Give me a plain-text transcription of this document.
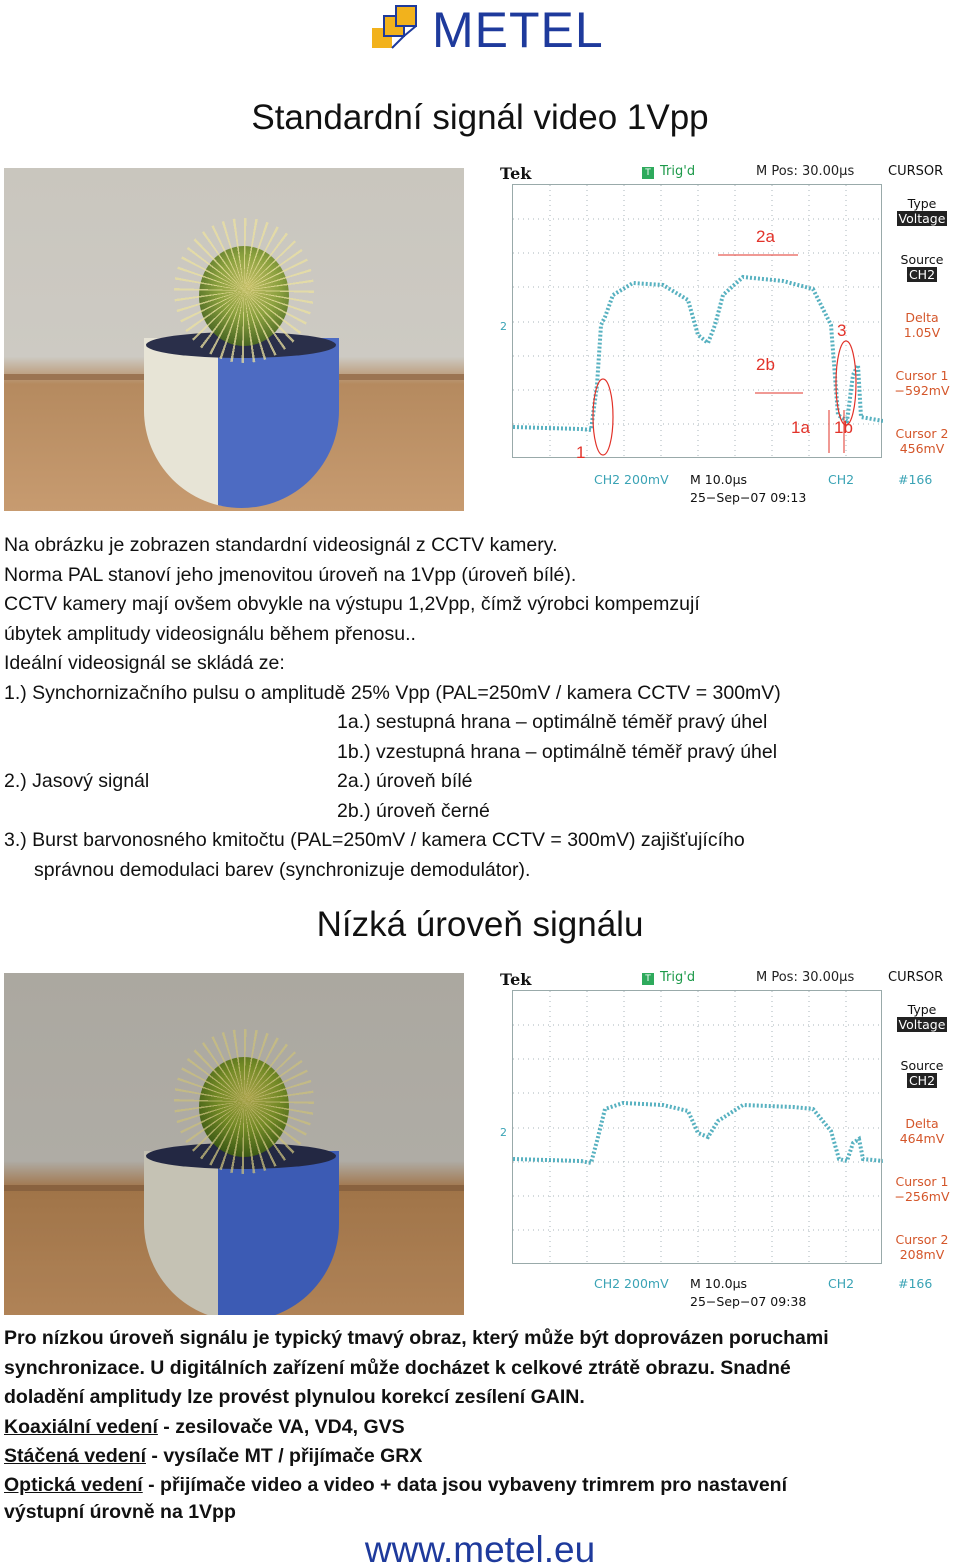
METEL
Standardní signál video 1Vpp
Tek	T Trig'd	M Pos: 30.00µs	CURSOR
2a
3
2b
1a 1b
1
2
Type
Voltage
Source
CH2
Delta
1.05V
Cursor 1
−592mV
Cursor 2
456mV
CH2 200mV M 10.0µs	CH2	#166
25−Sep−07 09:13
Na obrázku je zobrazen standardní videosignál z CCTV kamery.
Norma PAL stanoví jeho jmenovitou úroveň na 1Vpp (úroveň bílé).
CCTV kamery mají ovšem obvykle na výstupu 1,2Vpp, čímž výrobci kompemzují
úbytek amplitudy videosignálu během přenosu..
Ideální videosignál se skládá ze:
1.) Synchornizačního pulsu o amplitudě 25% Vpp (PAL=250mV / kamera CCTV = 300mV)
1a.) sestupná hrana – optimálně téměř pravý úhel
1b.) vzestupná hrana – optimálně téměř pravý úhel
2.) Jasový signál	2a.) úroveň bílé
2b.) úroveň černé
3.) Burst barvonosného kmitočtu (PAL=250mV / kamera CCTV = 300mV) zajišťujícího
správnou demodulaci barev (synchronizuje demodulátor).
Nízká úroveň signálu
Tek	T Trig'd	M Pos: 30.00µs	CURSOR
2
Type
Voltage
Source
CH2
Delta
464mV
Cursor 1
−256mV
Cursor 2
208mV
CH2 200mV M 10.0µs	CH2	#166
25−Sep−07 09:38
Pro nízkou úroveň signálu je typický tmavý obraz, který může být doprovázen poruchami
synchronizace. U digitálních zařízení může docházet k celkové ztrátě obrazu. Snadné
doladění amplitudy lze provést plynulou korekcí zesílení GAIN.
Koaxiální vedení - zesilovače VA, VD4, GVS
Stáčená vedení - vysílače MT / přijímače GRX
Optická vedení - přijímače video a video + data jsou vybaveny trimrem pro nastavení
výstupní úrovně na 1Vpp
www.metel.eu
